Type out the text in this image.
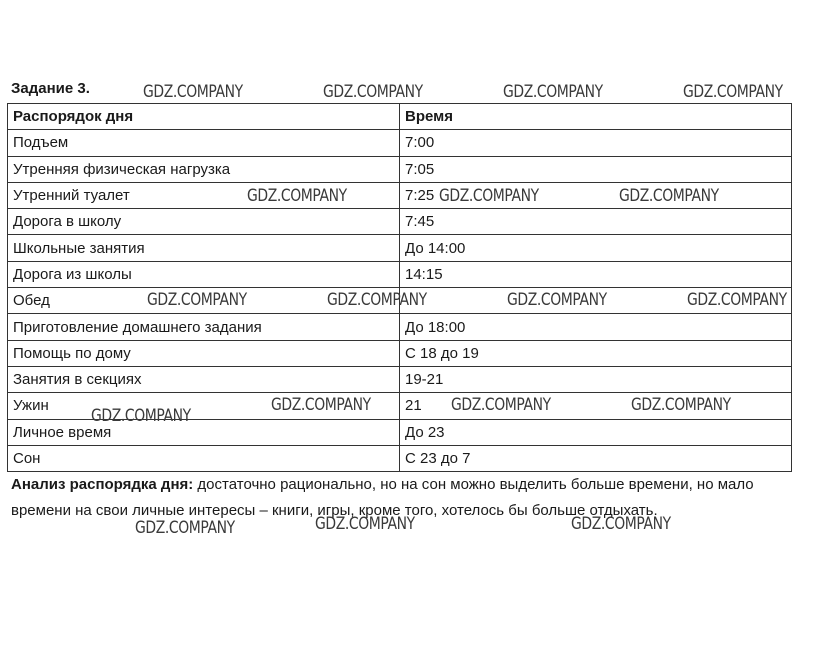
Задание 3.
Распорядок дня	Время
Подъем	7:00
Утренняя физическая нагрузка	7:05
Утренний туалет	7:25
Дорога в школу	7:45
Школьные занятия	До 14:00
Дорога из школы	14:15
Обед	
Приготовление домашнего задания	До 18:00
Помощь по дому	С 18 до 19
Занятия в секциях	19-21
Ужин	21
Личное время	До 23
Сон	С 23 до 7

Анализ распорядка дня: достаточно рационально, но на сон можно выделить больше времени, но мало времени на свои личные интересы – книги, игры, кроме того, хотелось бы больше отдыхать.

GDZ.COMPANY	GDZ.COMPANY	GDZ.COMPANY	GDZ.COMPANY
GDZ.COMPANY	GDZ.COMPANY	GDZ.COMPANY
GDZ.COMPANY	GDZ.COMPANY	GDZ.COMPANY	GDZ.COMPANY
GDZ.COMPANY	GDZ.COMPANY	GDZ.COMPANY
GDZ.COMPANY
GDZ.COMPANY	GDZ.COMPANY	GDZ.COMPANY
